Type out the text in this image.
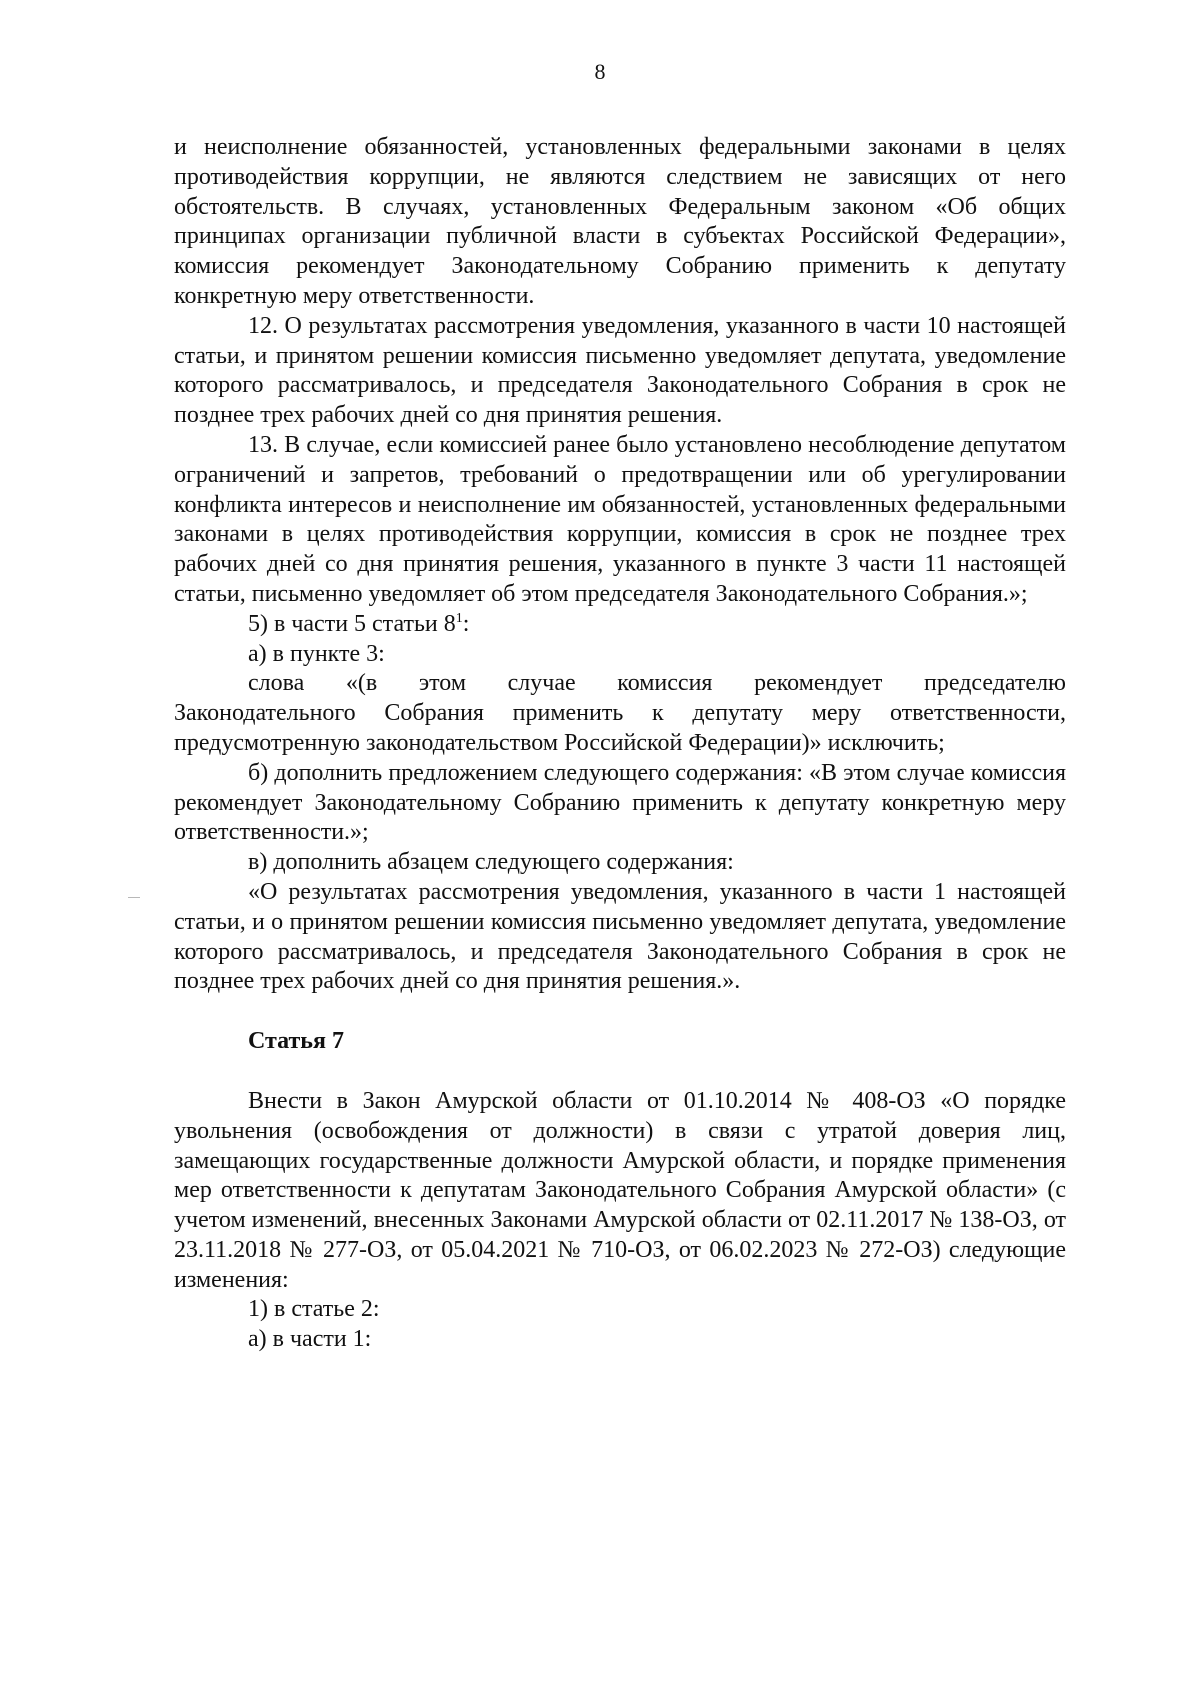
8

и неисполнение обязанностей, установленных федеральными законами в целях противодействия коррупции, не являются следствием не зависящих от него обстоятельств. В случаях, установленных Федеральным законом «Об общих принципах организации публичной власти в субъектах Российской Федерации», комиссия рекомендует Законодательному Собранию применить к депутату конкретную меру ответственности.

12. О результатах рассмотрения уведомления, указанного в части 10 настоящей статьи, и принятом решении комиссия письменно уведомляет депутата, уведомление которого рассматривалось, и председателя Законодательного Собрания в срок не позднее трех рабочих дней со дня принятия решения.

13. В случае, если комиссией ранее было установлено несоблюдение депутатом ограничений и запретов, требований о предотвращении или об урегулировании конфликта интересов и неисполнение им обязанностей, установленных федеральными законами в целях противодействия коррупции, комиссия в срок не позднее трех рабочих дней со дня принятия решения, указанного в пункте 3 части 11 настоящей статьи, письменно уведомляет об этом председателя Законодательного Собрания.»;

5) в части 5 статьи $8^1$:

а) в пункте 3:

слова «(в этом случае комиссия рекомендует председателю

Законодательного Собрания применить к депутату меру ответственности, предусмотренную законодательством Российской Федерации)» исключить;

б) дополнить предложением следующего содержания: «В этом случае комиссия рекомендует Законодательному Собранию применить к депутату конкретную меру ответственности.»;

в) дополнить абзацем следующего содержания:

«О результатах рассмотрения уведомления, указанного в части 1 настоящей статьи, и о принятом решении комиссия письменно уведомляет депутата, уведомление которого рассматривалось, и председателя Законодательного Собрания в срок не позднее трех рабочих дней со дня принятия решения.».

Статья 7

Внести в Закон Амурской области от 01.10.2014 № 408-ОЗ «О порядке увольнения (освобождения от должности) в связи с утратой доверия лиц, замещающих государственные должности Амурской области, и порядке применения мер ответственности к депутатам Законодательного Собрания Амурской области» (с учетом изменений, внесенных Законами Амурской области от 02.11.2017 № 138-ОЗ, от 23.11.2018 № 277-ОЗ, от 05.04.2021 № 710-ОЗ, от 06.02.2023 № 272-ОЗ) следующие изменения:

1) в статье 2:

а) в части 1:
